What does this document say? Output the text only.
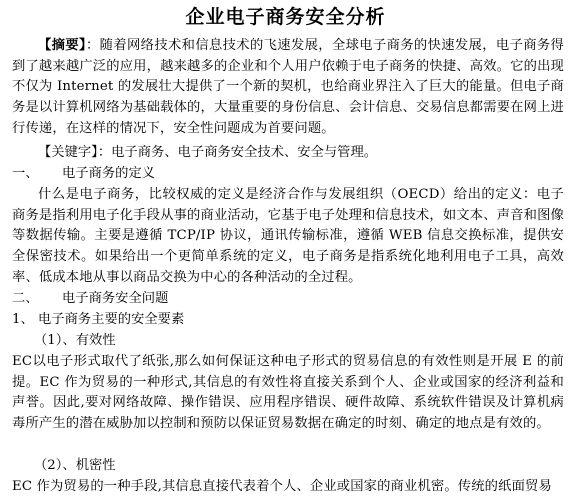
企业电子商务安全分析
【摘要】：随着网络技术和信息技术的飞速发展，全球电子商务的快速发展，电子商务得到了越来越广泛的应用，越来越多的企业和个人用户依赖于电子商务的快捷、高效。它的出现不仅为 Internet 的发展壮大提供了一个新的契机，也给商业界注入了巨大的能量。但电子商务是以计算机网络为基础载体的，大量重要的身份信息、会计信息、交易信息都需要在网上进行传递，在这样的情况下，安全性问题成为首要问题。
【关键字】：电子商务、电子商务安全技术、安全与管理。
一、 电子商务的定义
什么是电子商务，比较权威的定义是经济合作与发展组织（OECD）给出的定义：电子商务是指利用电子化手段从事的商业活动，它基于电子处理和信息技术，如文本、声音和图像等数据传输。主要是遵循 TCP/IP 协议，通讯传输标准，遵循 WEB 信息交换标准，提供安全保密技术。如果给出一个更简单系统的定义，电子商务是指系统化地利用电子工具，高效率、低成本地从事以商品交换为中心的各种活动的全过程。
二、 电子商务安全问题
1、 电子商务主要的安全要素
（1）、有效性
EC以电子形式取代了纸张,那么如何保证这种电子形式的贸易信息的有效性则是开展 E 的前提。EC 作为贸易的一种形式,其信息的有效性将直接关系到个人、企业或国家的经济利益和声誉。因此,要对网络故障、操作错误、应用程序错误、硬件故障、系统软件错误及计算机病毒所产生的潜在威胁加以控制和预防以保证贸易数据在确定的时刻、确定的地点是有效的。
（2）、机密性
EC 作为贸易的一种手段,其信息直接代表着个人、企业或国家的商业机密。传统的纸面贸易
